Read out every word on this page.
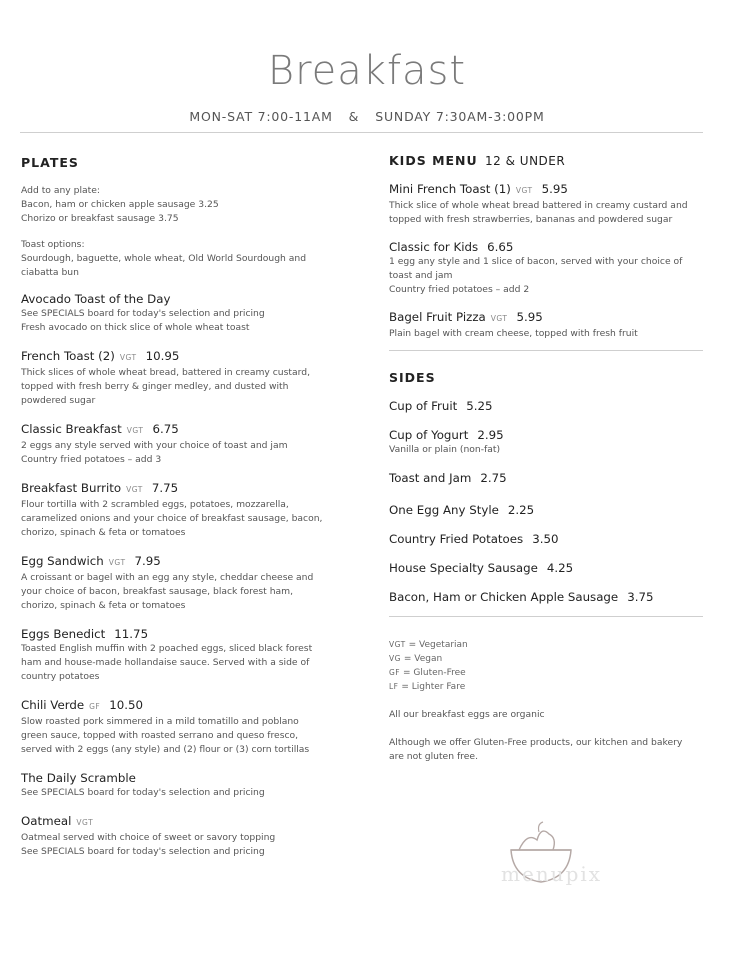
Breakfast
MON-SAT 7:00-11AM & SUNDAY 7:30AM-3:00PM
PLATES
Add to any plate:
Bacon, ham or chicken apple sausage 3.25
Chorizo or breakfast sausage 3.75
Toast options:
Sourdough, baguette, whole wheat, Old World Sourdough and
ciabatta bun
Avocado Toast of the Day
See SPECIALS board for today's selection and pricing
Fresh avocado on thick slice of whole wheat toast
French Toast (2) VGT 10.95
Thick slices of whole wheat bread, battered in creamy custard,
topped with fresh berry & ginger medley, and dusted with
powdered sugar
Classic Breakfast VGT 6.75
2 eggs any style served with your choice of toast and jam
Country fried potatoes – add 3
Breakfast Burrito VGT 7.75
Flour tortilla with 2 scrambled eggs, potatoes, mozzarella,
caramelized onions and your choice of breakfast sausage, bacon,
chorizo, spinach & feta or tomatoes
Egg Sandwich VGT 7.95
A croissant or bagel with an egg any style, cheddar cheese and
your choice of bacon, breakfast sausage, black forest ham,
chorizo, spinach & feta or tomatoes
Eggs Benedict 11.75
Toasted English muffin with 2 poached eggs, sliced black forest
ham and house-made hollandaise sauce. Served with a side of
country potatoes
Chili Verde GF 10.50
Slow roasted pork simmered in a mild tomatillo and poblano
green sauce, topped with roasted serrano and queso fresco,
served with 2 eggs (any style) and (2) flour or (3) corn tortillas
The Daily Scramble
See SPECIALS board for today's selection and pricing
Oatmeal VGT
Oatmeal served with choice of sweet or savory topping
See SPECIALS board for today's selection and pricing
KIDS MENU 12 & UNDER
Mini French Toast (1) VGT 5.95
Thick slice of whole wheat bread battered in creamy custard and
topped with fresh strawberries, bananas and powdered sugar
Classic for Kids 6.65
1 egg any style and 1 slice of bacon, served with your choice of
toast and jam
Country fried potatoes – add 2
Bagel Fruit Pizza VGT 5.95
Plain bagel with cream cheese, topped with fresh fruit
SIDES
Cup of Fruit 5.25
Cup of Yogurt 2.95
Vanilla or plain (non-fat)
Toast and Jam 2.75
One Egg Any Style 2.25
Country Fried Potatoes 3.50
House Specialty Sausage 4.25
Bacon, Ham or Chicken Apple Sausage 3.75
VGT = Vegetarian
VG = Vegan
GF = Gluten-Free
LF = Lighter Fare
All our breakfast eggs are organic
Although we offer Gluten-Free products, our kitchen and bakery
are not gluten free.
menupix
